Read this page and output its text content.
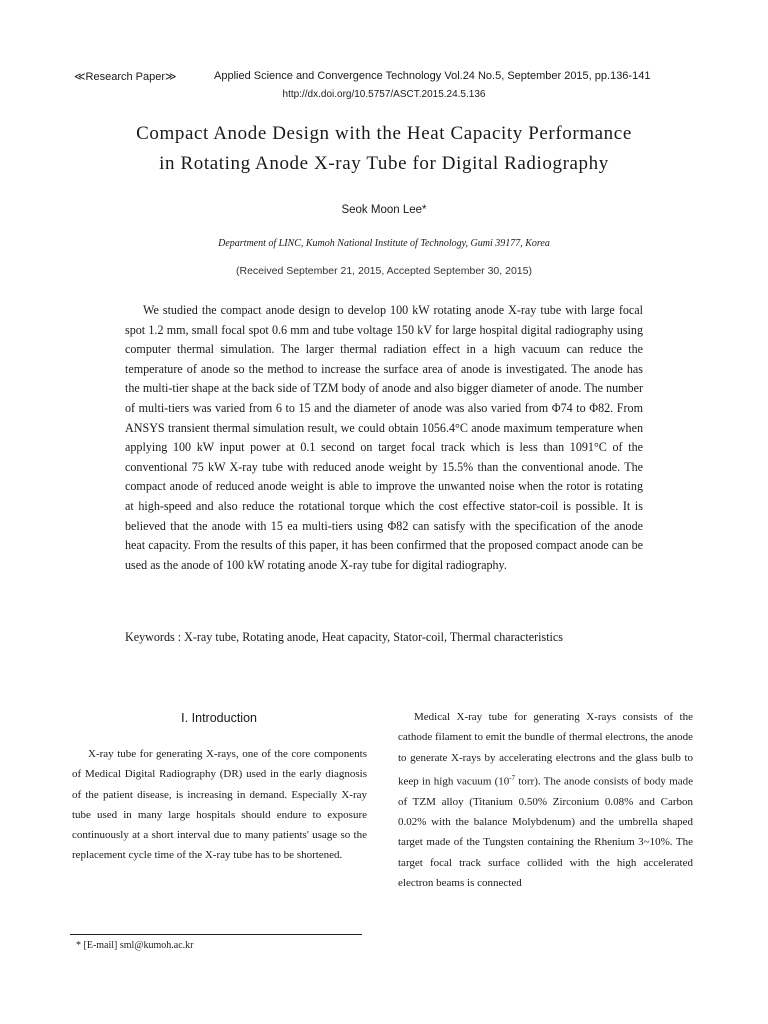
≪Research Paper≫	Applied Science and Convergence Technology Vol.24 No.5, September 2015, pp.136-141
http://dx.doi.org/10.5757/ASCT.2015.24.5.136
Compact Anode Design with the Heat Capacity Performance
in Rotating Anode X-ray Tube for Digital Radiography
Seok Moon Lee*
Department of LINC, Kumoh National Institute of Technology, Gumi 39177, Korea
(Received September 21, 2015, Accepted September 30, 2015)
We studied the compact anode design to develop 100 kW rotating anode X-ray tube with large focal spot 1.2 mm, small focal spot 0.6 mm and tube voltage 150 kV for large hospital digital radiography using computer thermal simulation. The larger thermal radiation effect in a high vacuum can reduce the temperature of anode so the method to increase the surface area of anode is investigated. The anode has the multi-tier shape at the back side of TZM body of anode and also bigger diameter of anode. The number of multi-tiers was varied from 6 to 15 and the diameter of anode was also varied from Φ74 to Φ82. From ANSYS transient thermal simulation result, we could obtain 1056.4°C anode maximum temperature when applying 100 kW input power at 0.1 second on target focal track which is less than 1091°C of the conventional 75 kW X-ray tube with reduced anode weight by 15.5% than the conventional anode. The compact anode of reduced anode weight is able to improve the unwanted noise when the rotor is rotating at high-speed and also reduce the rotational torque which the cost effective stator-coil is possible. It is believed that the anode with 15 ea multi-tiers using Φ82 can satisfy with the specification of the anode heat capacity. From the results of this paper, it has been confirmed that the proposed compact anode can be used as the anode of 100 kW rotating anode X-ray tube for digital radiography.
Keywords : X-ray tube, Rotating anode, Heat capacity, Stator-coil, Thermal characteristics
Ⅰ. Introduction
X-ray tube for generating X-rays, one of the core components of Medical Digital Radiography (DR) used in the early diagnosis of the patient disease, is increasing in demand. Especially X-ray tube used in many large hospitals should endure to exposure continuously at a short interval due to many patients' usage so the replacement cycle time of the X-ray tube has to be shortened.
Medical X-ray tube for generating X-rays consists of the cathode filament to emit the bundle of thermal electrons, the anode to generate X-rays by accelerating electrons and the glass bulb to keep in high vacuum ($10^{-7}$ torr). The anode consists of body made of TZM alloy (Titanium 0.50% Zirconium 0.08% and Carbon 0.02% with the balance Molybdenum) and the umbrella shaped target made of the Tungsten containing the Rhenium 3~10%. The target focal track surface collided with the high accelerated electron beams is connected
* [E-mail] sml@kumoh.ac.kr
